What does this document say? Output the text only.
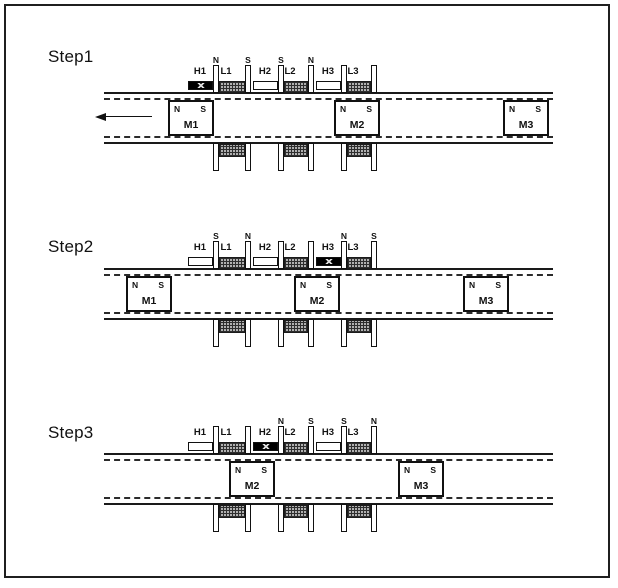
Step1
L1
N	S
L2
S	N
L3
H1	H2	H3
N S
M1
N S
M2
N S
M3
Step2	L1
S	N
L2	L3
N	S
H1	H2	H3
N S
M1
N S
M2
N S
M3
Step3	L1	L2
N	S
L3
S	N
H1	H2	H3
N S
M2
N S
M3
